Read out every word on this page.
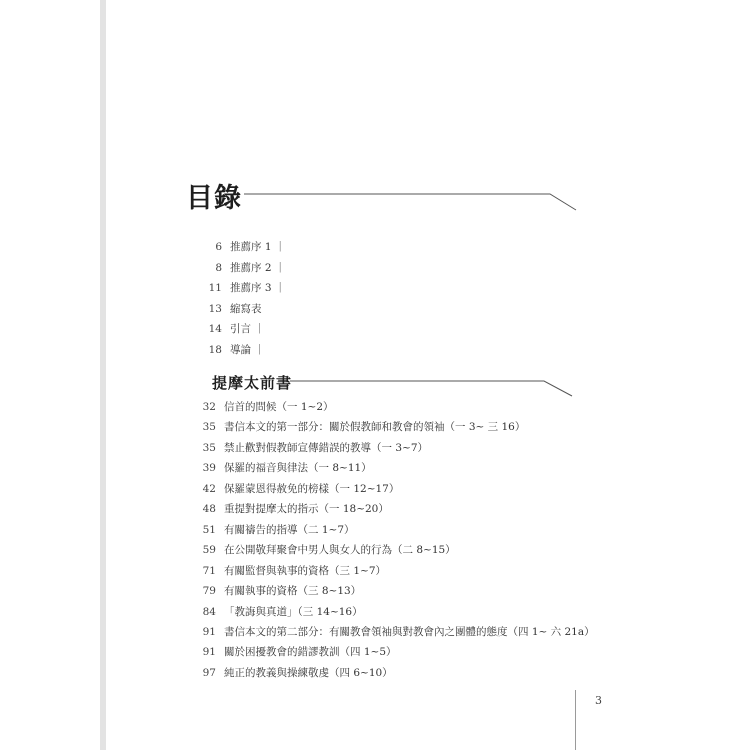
目錄
6 推薦序 1 ｜
8 推薦序 2 ｜
11 推薦序 3 ｜
13 縮寫表
14 引言 ｜
18 導論 ｜
提摩太前書
32 信首的問候（一 1~2）
35 書信本文的第一部分：關於假教師和教會的領袖（一 3~ 三 16）
35 禁止歡對假教師宣傳錯誤的教導（一 3~7）
39 保羅的福音與律法（一 8~11）
42 保羅蒙恩得赦免的榜樣（一 12~17）
48 重提對提摩太的指示（一 18~20）
51 有關禱告的指導（二 1~7）
59 在公開敬拜聚會中男人與女人的行為（二 8~15）
71 有關監督與執事的資格（三 1~7）
79 有關執事的資格（三 8~13）
84 「教誨與真道」（三 14~16）
91 書信本文的第二部分：有關教會領袖與對教會內之團體的態度（四 1~ 六 21a）
91 關於困擾教會的錯謬教訓（四 1~5）
97 純正的教義與操練敬虔（四 6~10）
3
